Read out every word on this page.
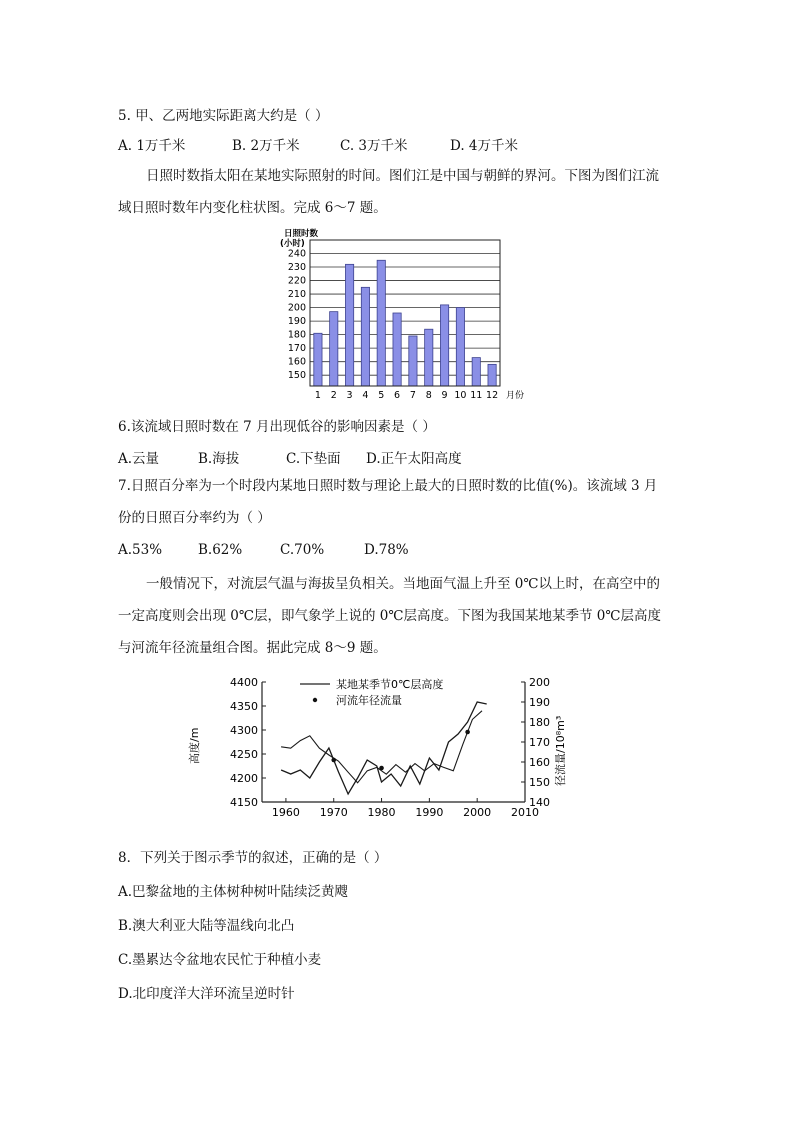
5. 甲、乙两地实际距离大约是（ ）
A. 1万千米	B. 2万千米	C. 3万千米	D. 4万千米

日照时数指太阳在某地实际照射的时间。图们江是中国与朝鲜的界河。下图为图们江流

域日照时数年内变化柱状图。完成 6～7 题。

日照时数
(小时)
150
160
170
180
190
200
210
220
230
240
1 2 3 4 5 6 7 8 9 10 11 12 月份
6.该流域日照时数在 7 月出现低谷的影响因素是（ ）
A.云量	B.海拔	C.下垫面 D.正午太阳高度

7.日照百分率为一个时段内某地日照时数与理论上最大的日照时数的比值(%)。该流域 3 月

份的日照百分率约为（ ）

A.53%	B.62%	C.70%	D.78%

一般情况下，对流层气温与海拔呈负相关。当地面气温上升至 0℃以上时，在高空中的

一定高度则会出现 0℃层，即气象学上说的 0℃层高度。下图为我国某地某季节 0℃层高度

与河流年径流量组合图。据此完成 8～9 题。

4150
4200
4250
4300
4350
4400
140
150
160
170
180
190
200
1960 1970 1980 1990 2000 2010
某地某季节0℃层高度
河流年径流量
高度/m	径流量/10⁸m³
8．下列关于图示季节的叙述，正确的是（ ）
A.巴黎盆地的主体树种树叶陆续泛黄飕
B.澳大利亚大陆等温线向北凸
C.墨累达令盆地农民忙于种植小麦
D.北印度洋大洋环流呈逆时针
